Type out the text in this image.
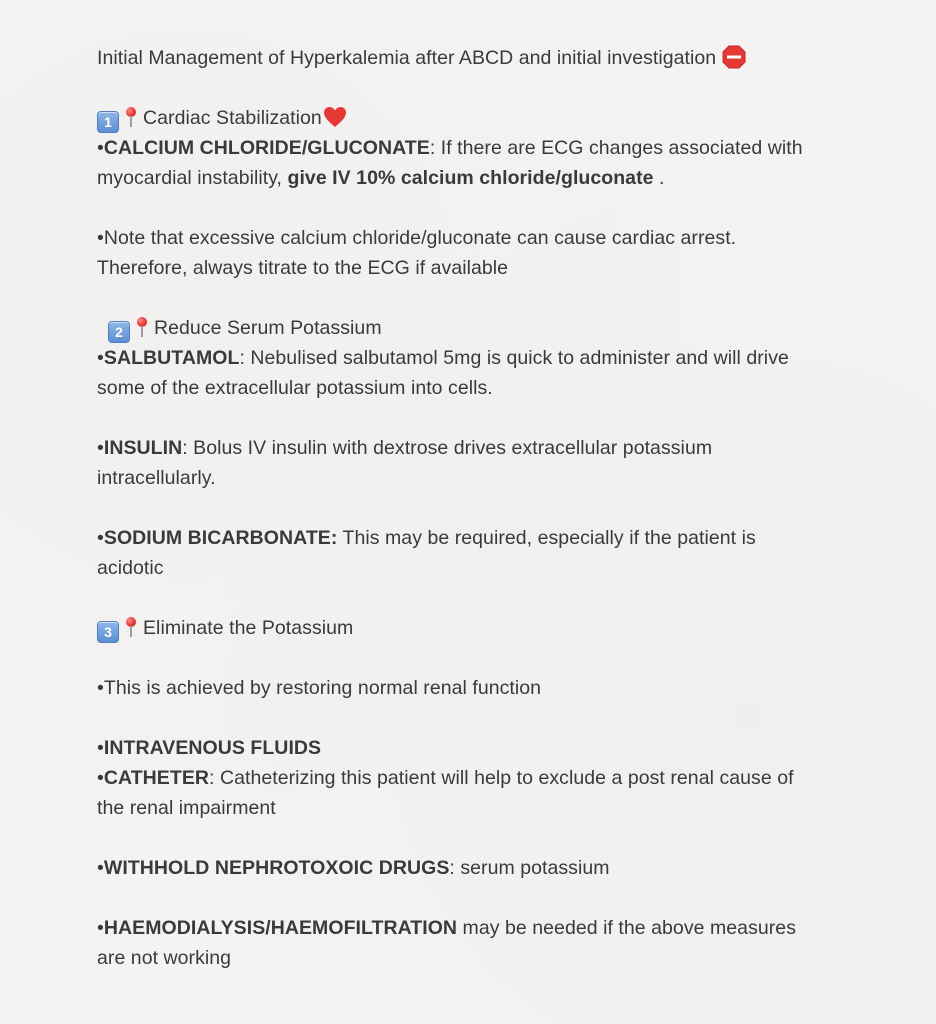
Initial Management of Hyperkalemia after ABCD and initial investigation
1 Cardiac Stabilization
•CALCIUM CHLORIDE/GLUCONATE: If there are ECG changes associated with
myocardial instability, give IV 10% calcium chloride/gluconate .
•Note that excessive calcium chloride/gluconate can cause cardiac arrest.
Therefore, always titrate to the ECG if available
2 Reduce Serum Potassium
•SALBUTAMOL: Nebulised salbutamol 5mg is quick to administer and will drive
some of the extracellular potassium into cells.
•INSULIN: Bolus IV insulin with dextrose drives extracellular potassium
intracellularly.
•SODIUM BICARBONATE: This may be required, especially if the patient is
acidotic
3 Eliminate the Potassium
•This is achieved by restoring normal renal function
•INTRAVENOUS FLUIDS
•CATHETER: Catheterizing this patient will help to exclude a post renal cause of
the renal impairment
•WITHHOLD NEPHROTOXOIC DRUGS: serum potassium
•HAEMODIALYSIS/HAEMOFILTRATION may be needed if the above measures
are not working
